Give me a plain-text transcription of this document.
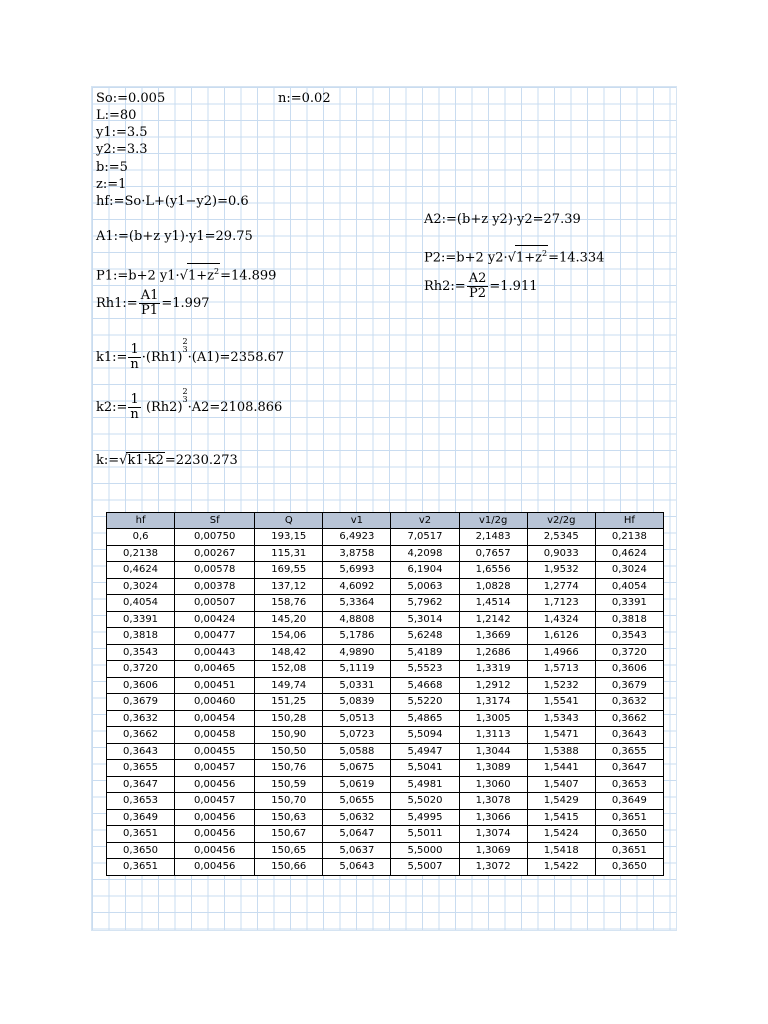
So:=0.005	n:=0.02
L:=80
y1:=3.5
y2:=3.3
b:=5
z:=1
hf:=So·L+(y1−y2)=0.6
A1:=(b+z y1)·y1=29.75
P1:=b+2 $y1\cdot√1+z^2=14.899$
Rh1:= $\frac{A1}{P1} =1.997$
k1:= $\frac{1}{n} \cdot(Rh1)$
2
3
·(A1)=2358.67
k2:= $\frac{1}{n} (Rh2)$
2
3
·A2=2108.866
k:=√k1·k2=2230.273
A2:=(b+z y2)·y2=27.39
P2:=b+2 $y2\cdot√1+z^2=14.334$
Rh2:= $\frac{A2}{P2} =1.911$
hf	Sf	Q	v1	v2	v1/2g	v2/2g	Hf
0,6	0,00750	193,15	6,4923	7,0517	2,1483	2,5345	0,2138
0,2138	0,00267	115,31	3,8758	4,2098	0,7657	0,9033	0,4624
0,4624	0,00578	169,55	5,6993	6,1904	1,6556	1,9532	0,3024
0,3024	0,00378	137,12	4,6092	5,0063	1,0828	1,2774	0,4054
0,4054	0,00507	158,76	5,3364	5,7962	1,4514	1,7123	0,3391
0,3391	0,00424	145,20	4,8808	5,3014	1,2142	1,4324	0,3818
0,3818	0,00477	154,06	5,1786	5,6248	1,3669	1,6126	0,3543
0,3543	0,00443	148,42	4,9890	5,4189	1,2686	1,4966	0,3720
0,3720	0,00465	152,08	5,1119	5,5523	1,3319	1,5713	0,3606
0,3606	0,00451	149,74	5,0331	5,4668	1,2912	1,5232	0,3679
0,3679	0,00460	151,25	5,0839	5,5220	1,3174	1,5541	0,3632
0,3632	0,00454	150,28	5,0513	5,4865	1,3005	1,5343	0,3662
0,3662	0,00458	150,90	5,0723	5,5094	1,3113	1,5471	0,3643
0,3643	0,00455	150,50	5,0588	5,4947	1,3044	1,5388	0,3655
0,3655	0,00457	150,76	5,0675	5,5041	1,3089	1,5441	0,3647
0,3647	0,00456	150,59	5,0619	5,4981	1,3060	1,5407	0,3653
0,3653	0,00457	150,70	5,0655	5,5020	1,3078	1,5429	0,3649
0,3649	0,00456	150,63	5,0632	5,4995	1,3066	1,5415	0,3651
0,3651	0,00456	150,67	5,0647	5,5011	1,3074	1,5424	0,3650
0,3650	0,00456	150,65	5,0637	5,5000	1,3069	1,5418	0,3651
0,3651	0,00456	150,66	5,0643	5,5007	1,3072	1,5422	0,3650
